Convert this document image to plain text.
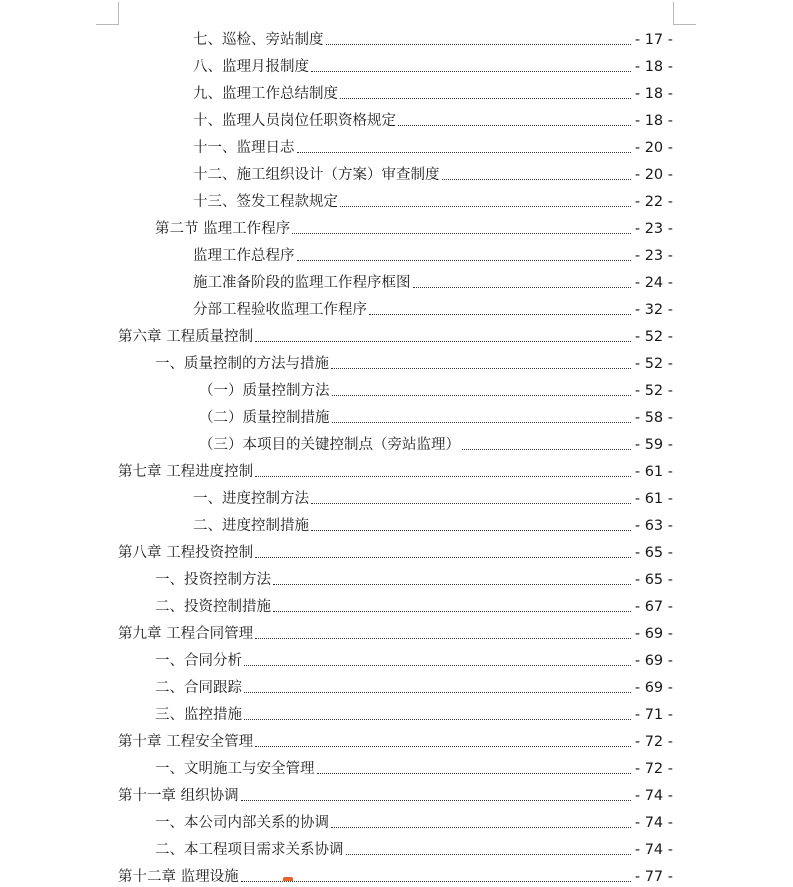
七、巡检、旁站制度	- 17 -
八、监理月报制度	- 18 -
九、监理工作总结制度	- 18 -
十、监理人员岗位任职资格规定	- 18 -
十一、监理日志	- 20 -
十二、施工组织设计（方案）审查制度	- 20 -
十三、签发工程款规定	- 22 -
第二节 监理工作程序	- 23 -
监理工作总程序	- 23 -
施工准备阶段的监理工作程序框图	- 24 -
分部工程验收监理工作程序	- 32 -
第六章 工程质量控制	- 52 -
一、质量控制的方法与措施	- 52 -
（一）质量控制方法	- 52 -
（二）质量控制措施	- 58 -
（三）本项目的关键控制点（旁站监理）	- 59 -
第七章 工程进度控制	- 61 -
一、进度控制方法	- 61 -
二、进度控制措施	- 63 -
第八章 工程投资控制	- 65 -
一、投资控制方法	- 65 -
二、投资控制措施	- 67 -
第九章 工程合同管理	- 69 -
一、合同分析	- 69 -
二、合同跟踪	- 69 -
三、监控措施	- 71 -
第十章 工程安全管理	- 72 -
一、文明施工与安全管理	- 72 -
第十一章 组织协调	- 74 -
一、本公司内部关系的协调	- 74 -
二、本工程项目需求关系协调	- 74 -
第十二章 监理设施	- 77 -
